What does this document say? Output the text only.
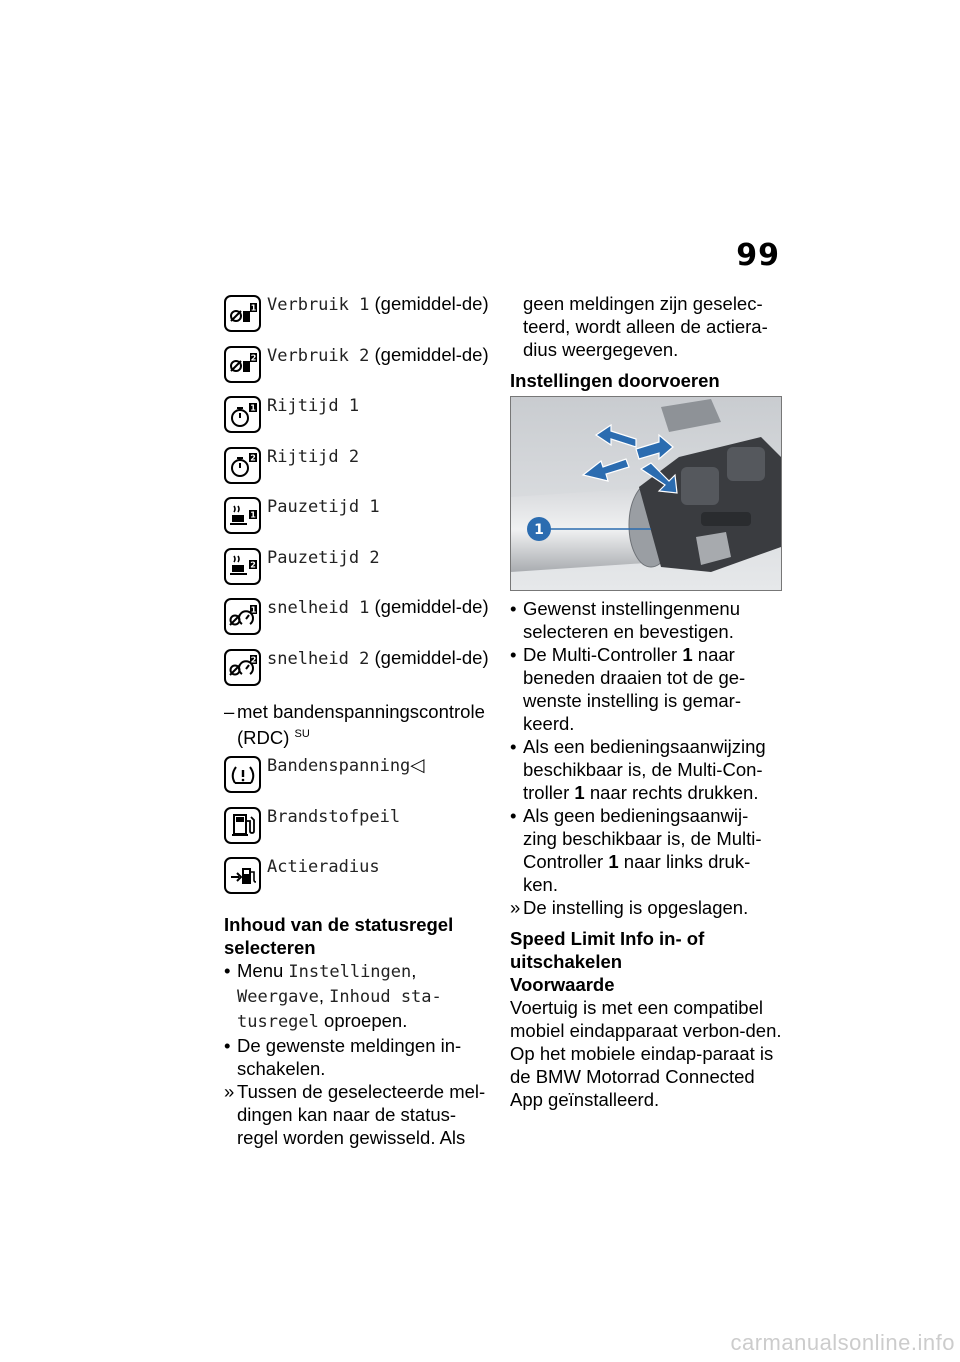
99
1 Verbruik 1 (gemiddel-de)
2 Verbruik 2 (gemiddel-de)
1 Rijtijd 1
2 Rijtijd 2
1 Pauzetijd 1
2 Pauzetijd 2
1 snelheid 1 (gemiddel-de)
2 snelheid 2 (gemiddel-de)
– met bandenspanningscontrole
(RDC) $^{SU}$
Bandenspanning◁
Brandstofpeil
Actieradius
Inhoud van de statusregel selecteren
• Menu Instellingen, Weergave, Inhoud sta-tusregel oproepen.
• De gewenste meldingen in-schakelen.
» Tussen de geselecteerde mel-dingen kan naar de status-regel worden gewisseld. Als
geen meldingen zijn geselec-teerd, wordt alleen de actiera-dius weergegeven.
Instellingen doorvoeren
1
• Gewenst instellingenmenu selecteren en bevestigen.
• De Multi-Controller 1 naar beneden draaien tot de ge-wenste instelling is gemar-keerd.
• Als een bedieningsaanwijzing beschikbaar is, de Multi-Con-troller 1 naar rechts drukken.
• Als geen bedieningsaanwij-zing beschikbaar is, de Multi-Controller 1 naar links druk-ken.
» De instelling is opgeslagen.
Speed Limit Info in- of uitschakelen
Voorwaarde
Voertuig is met een compatibel mobiel eindapparaat verbon-den. Op het mobiele eindap-paraat is de BMW Motorrad Connected App geïnstalleerd.
carmanualsonline.info
